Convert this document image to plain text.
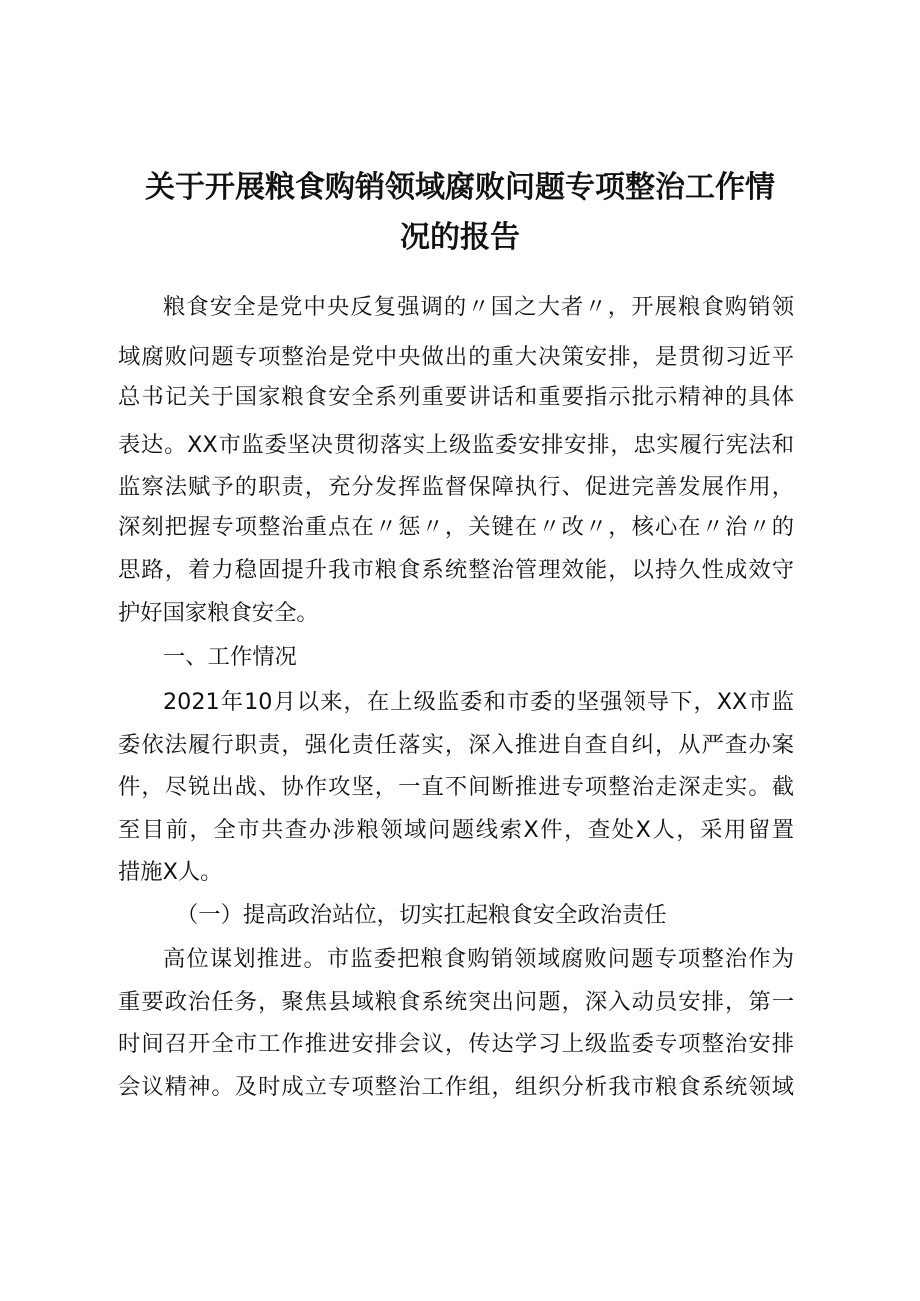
关于开展粮食购销领域腐败问题专项整治工作情
况的报告
粮食安全是党中央反复强调的〃国之大者〃，开展粮食购销领
域腐败问题专项整治是党中央做出的重大决策安排，是贯彻习近平
总书记关于国家粮食安全系列重要讲话和重要指示批示精神的具体
表达。XX市监委坚决贯彻落实上级监委安排安排，忠实履行宪法和
监察法赋予的职责，充分发挥监督保障执行、促进完善发展作用，
深刻把握专项整治重点在〃惩〃，关键在〃改〃，核心在〃治〃的
思路，着力稳固提升我市粮食系统整治管理效能，以持久性成效守
护好国家粮食安全。
一、工作情况
2021年10月以来，在上级监委和市委的坚强领导下，XX市监
委依法履行职责，强化责任落实，深入推进自查自纠，从严查办案
件，尽锐出战、协作攻坚，一直不间断推进专项整治走深走实。截
至目前，全市共查办涉粮领域问题线索X件，查处X人，采用留置
措施X人。
（一）提高政治站位，切实扛起粮食安全政治责任
高位谋划推进。市监委把粮食购销领域腐败问题专项整治作为
重要政治任务，聚焦县域粮食系统突出问题，深入动员安排，第一
时间召开全市工作推进安排会议，传达学习上级监委专项整治安排
会议精神。及时成立专项整治工作组，组织分析我市粮食系统领域
